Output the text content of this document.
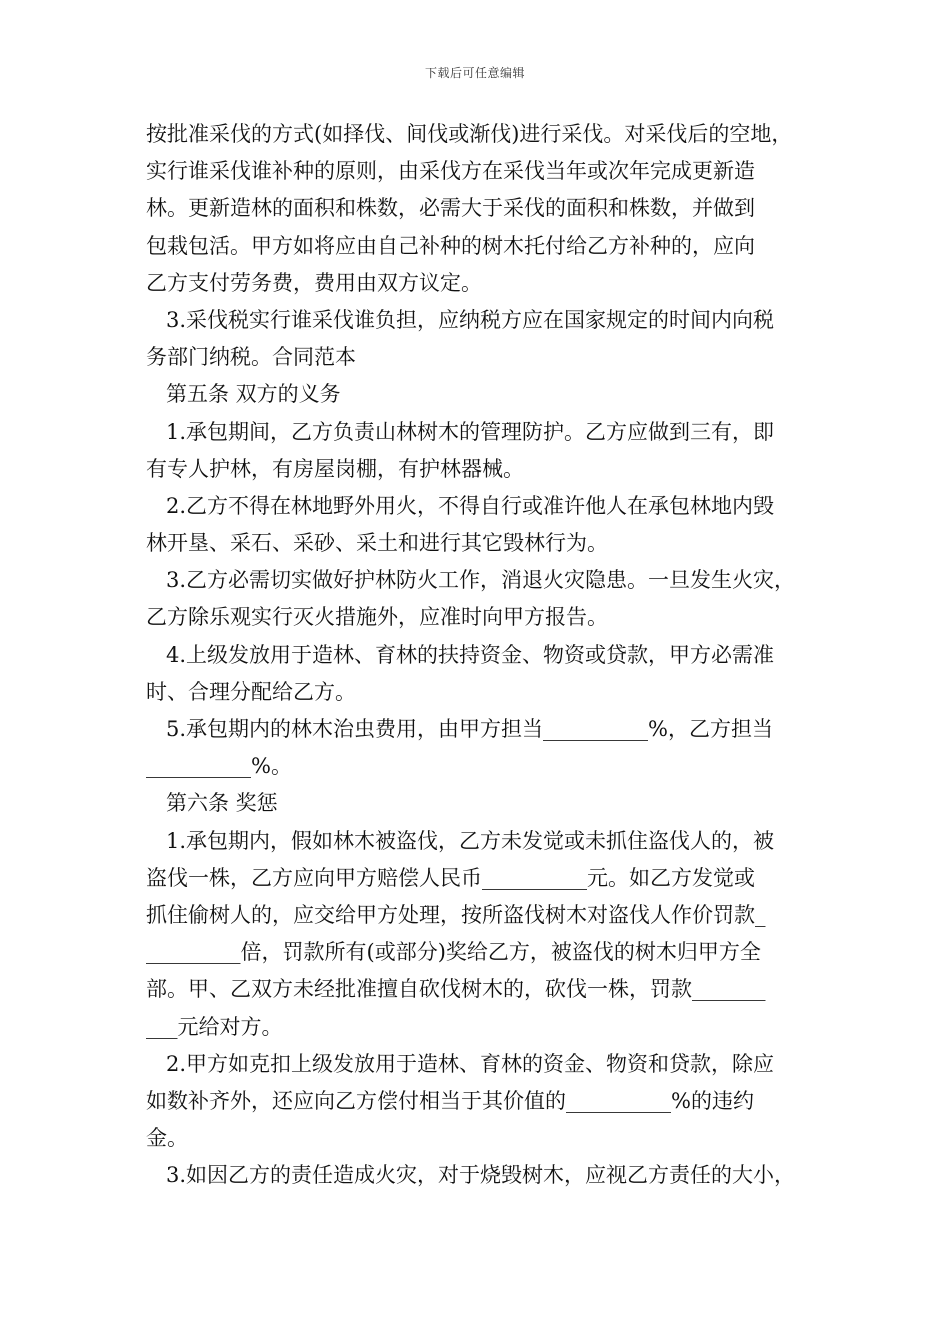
下载后可任意编辑
按批准采伐的方式(如择伐、间伐或渐伐)进行采伐。对采伐后的空地，
实行谁采伐谁补种的原则，由采伐方在采伐当年或次年完成更新造
林。更新造林的面积和株数，必需大于采伐的面积和株数，并做到
包栽包活。甲方如将应由自己补种的树木托付给乙方补种的，应向
乙方支付劳务费，费用由双方议定。
3.采伐税实行谁采伐谁负担，应纳税方应在国家规定的时间内向税
务部门纳税。合同范本
第五条 双方的义务
1.承包期间，乙方负责山林树木的管理防护。乙方应做到三有，即
有专人护林，有房屋岗棚，有护林器械。
2.乙方不得在林地野外用火，不得自行或准许他人在承包林地内毁
林开垦、采石、采砂、采土和进行其它毁林行为。
3.乙方必需切实做好护林防火工作，消退火灾隐患。一旦发生火灾，
乙方除乐观实行灭火措施外，应准时向甲方报告。
4.上级发放用于造林、育林的扶持资金、物资或贷款，甲方必需准
时、合理分配给乙方。
5.承包期内的林木治虫费用，由甲方担当__________%，乙方担当
__________%。
第六条 奖惩
1.承包期内，假如林木被盗伐，乙方未发觉或未抓住盗伐人的，被
盗伐一株，乙方应向甲方赔偿人民币__________元。如乙方发觉或
抓住偷树人的，应交给甲方处理，按所盗伐树木对盗伐人作价罚款_
_________倍，罚款所有(或部分)奖给乙方，被盗伐的树木归甲方全
部。甲、乙双方未经批准擅自砍伐树木的，砍伐一株，罚款_______
___元给对方。
2.甲方如克扣上级发放用于造林、育林的资金、物资和贷款，除应
如数补齐外，还应向乙方偿付相当于其价值的__________%的违约
金。
3.如因乙方的责任造成火灾，对于烧毁树木，应视乙方责任的大小，
